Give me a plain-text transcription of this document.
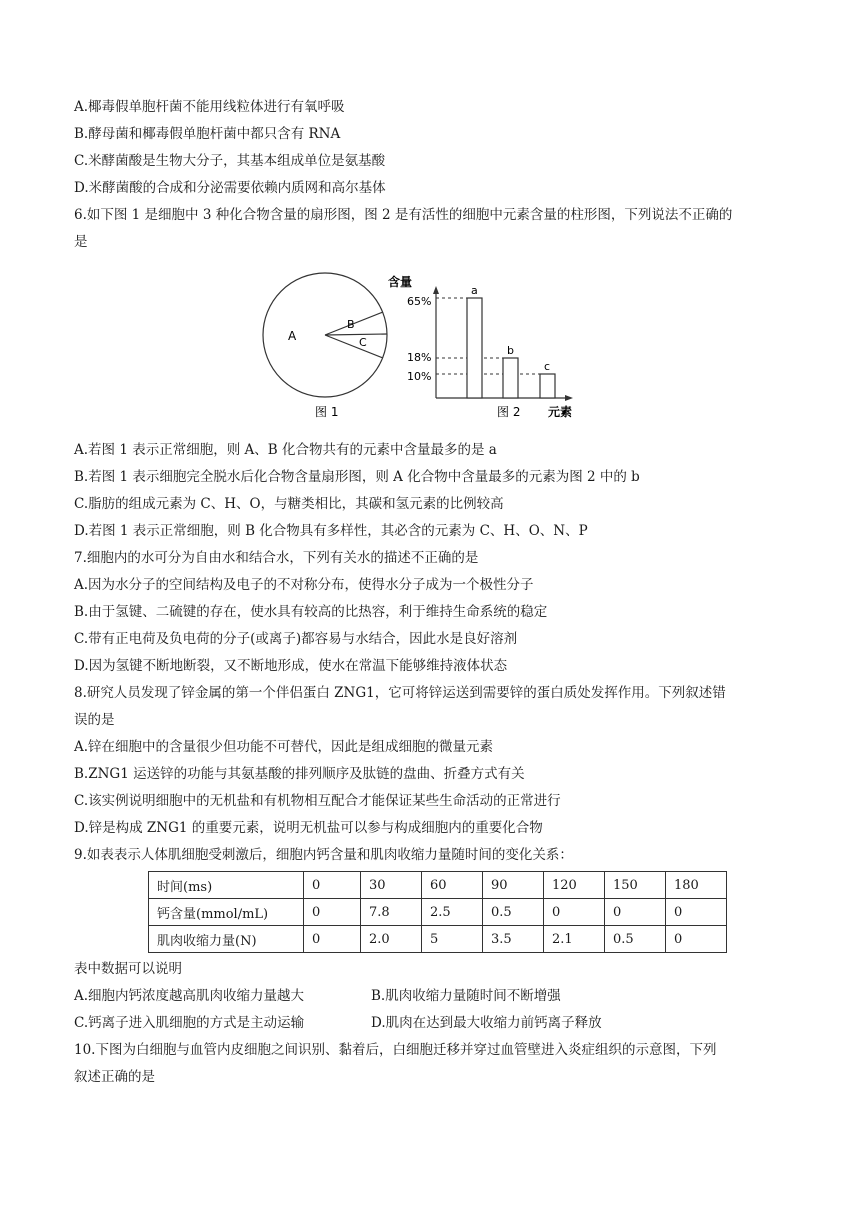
A.椰毒假单胞杆菌不能用线粒体进行有氧呼吸
B.酵母菌和椰毒假单胞杆菌中都只含有 RNA
C.米酵菌酸是生物大分子，其基本组成单位是氨基酸
D.米酵菌酸的合成和分泌需要依赖内质网和高尔基体
6.如下图 1 是细胞中 3 种化合物含量的扇形图，图 2 是有活性的细胞中元素含量的柱形图，下列说法不正确的
是
A
B
C
图 1
含量
65%
18%
10%
a
b
c
图 2 元素
A.若图 1 表示正常细胞，则 A、B 化合物共有的元素中含量最多的是 a
B.若图 1 表示细胞完全脱水后化合物含量扇形图，则 A 化合物中含量最多的元素为图 2 中的 b
C.脂肪的组成元素为 C、H、O，与糖类相比，其碳和氢元素的比例较高
D.若图 1 表示正常细胞，则 B 化合物具有多样性，其必含的元素为 C、H、O、N、P
7.细胞内的水可分为自由水和结合水，下列有关水的描述不正确的是
A.因为水分子的空间结构及电子的不对称分布，使得水分子成为一个极性分子
B.由于氢键、二硫键的存在，使水具有较高的比热容，利于维持生命系统的稳定
C.带有正电荷及负电荷的分子(或离子)都容易与水结合，因此水是良好溶剂
D.因为氢键不断地断裂，又不断地形成，使水在常温下能够维持液体状态
8.研究人员发现了锌金属的第一个伴侣蛋白 ZNG1，它可将锌运送到需要锌的蛋白质处发挥作用。下列叙述错
误的是
A.锌在细胞中的含量很少但功能不可替代，因此是组成细胞的微量元素
B.ZNG1 运送锌的功能与其氨基酸的排列顺序及肽链的盘曲、折叠方式有关
C.该实例说明细胞中的无机盐和有机物相互配合才能保证某些生命活动的正常进行
D.锌是构成 ZNG1 的重要元素，说明无机盐可以参与构成细胞内的重要化合物
9.如表表示人体肌细胞受刺激后，细胞内钙含量和肌肉收缩力量随时间的变化关系：
时间(ms)	0	30	60	90	120	150	180
钙含量(mmol/mL)	0	7.8	2.5	0.5	0	0	0
肌肉收缩力量(N)	0	2.0	5	3.5	2.1	0.5	0
表中数据可以说明
A.细胞内钙浓度越高肌肉收缩力量越大	B.肌肉收缩力量随时间不断增强
C.钙离子进入肌细胞的方式是主动运输	D.肌肉在达到最大收缩力前钙离子释放
10.下图为白细胞与血管内皮细胞之间识别、黏着后，白细胞迁移并穿过血管壁进入炎症组织的示意图，下列
叙述正确的是
